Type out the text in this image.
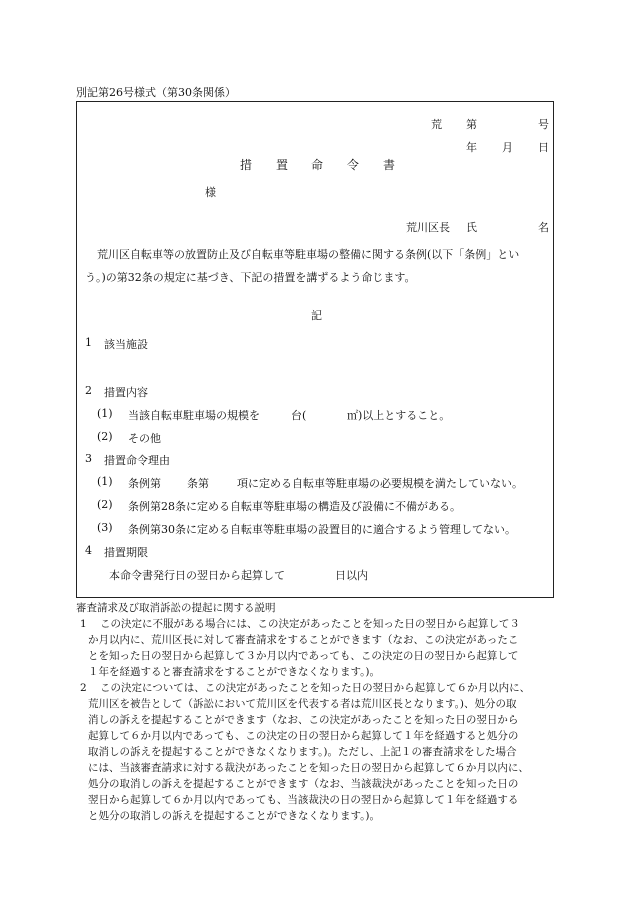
別記第26号様式（第30条関係）
荒 第	号
年 月 日
措 置 命 令 書
様
荒川区長 氏	名
荒川区自転車等の放置防止及び自転車等駐車場の整備に関する条例(以下「条例」とい
う。)の第32条の規定に基づき、下記の措置を講ずるよう命じます。
記
1 該当施設
2 措置内容
(1) 当該自転車駐車場の規模を	台(	㎡)以上とすること。
(2) その他
3 措置命令理由
(1) 条例第 条第	項に定める自転車等駐車場の必要規模を満たしていない。
(2) 条例第28条に定める自転車等駐車場の構造及び設備に不備がある。
(3) 条例第30条に定める自転車等駐車場の設置目的に適合するよう管理してない。
4 措置期限
本命令書発行日の翌日から起算して	日以内
審査請求及び取消訴訟の提起に関する説明
1 この決定に不服がある場合には、この決定があったことを知った日の翌日から起算して３
か月以内に、荒川区長に対して審査請求をすることができます（なお、この決定があったこ
とを知った日の翌日から起算して３か月以内であっても、この決定の日の翌日から起算して
１年を経過すると審査請求をすることができなくなります。)。
2 この決定については、この決定があったことを知った日の翌日から起算して６か月以内に、
荒川区を被告として（訴訟において荒川区を代表する者は荒川区長となります。)、処分の取
消しの訴えを提起することができます（なお、この決定があったことを知った日の翌日から
起算して６か月以内であっても、この決定の日の翌日から起算して１年を経過すると処分の
取消しの訴えを提起することができなくなります。)。ただし、上記１の審査請求をした場合
には、当該審査請求に対する裁決があったことを知った日の翌日から起算して６か月以内に、
処分の取消しの訴えを提起することができます（なお、当該裁決があったことを知った日の
翌日から起算して６か月以内であっても、当該裁決の日の翌日から起算して１年を経過する
と処分の取消しの訴えを提起することができなくなります。)。
